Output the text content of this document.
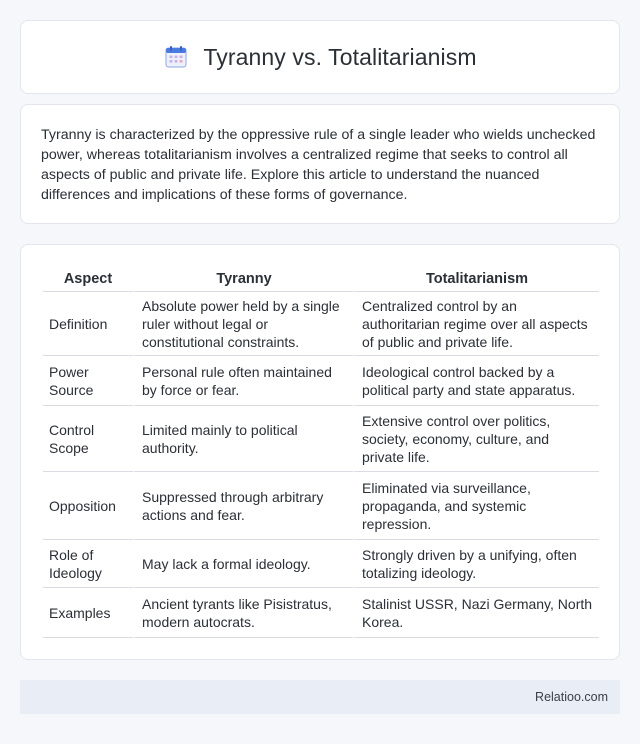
Tyranny vs. Totalitarianism

Tyranny is characterized by the oppressive rule of a single leader who wields unchecked power, whereas totalitarianism involves a centralized regime that seeks to control all aspects of public and private life. Explore this article to understand the nuanced differences and implications of these forms of governance.

Aspect	Tyranny	Totalitarianism
Definition	Absolute power held by a single ruler without legal or constitutional constraints.	Centralized control by an authoritarian regime over all aspects of public and private life.
Power Source	Personal rule often maintained by force or fear.	Ideological control backed by a political party and state apparatus.
Control Scope	Limited mainly to political authority.	Extensive control over politics, society, economy, culture, and private life.
Opposition	Suppressed through arbitrary actions and fear.	Eliminated via surveillance, propaganda, and systemic repression.
Role of Ideology	May lack a formal ideology.	Strongly driven by a unifying, often totalizing ideology.
Examples	Ancient tyrants like Pisistratus, modern autocrats.	Stalinist USSR, Nazi Germany, North Korea.
Relatioo.com
